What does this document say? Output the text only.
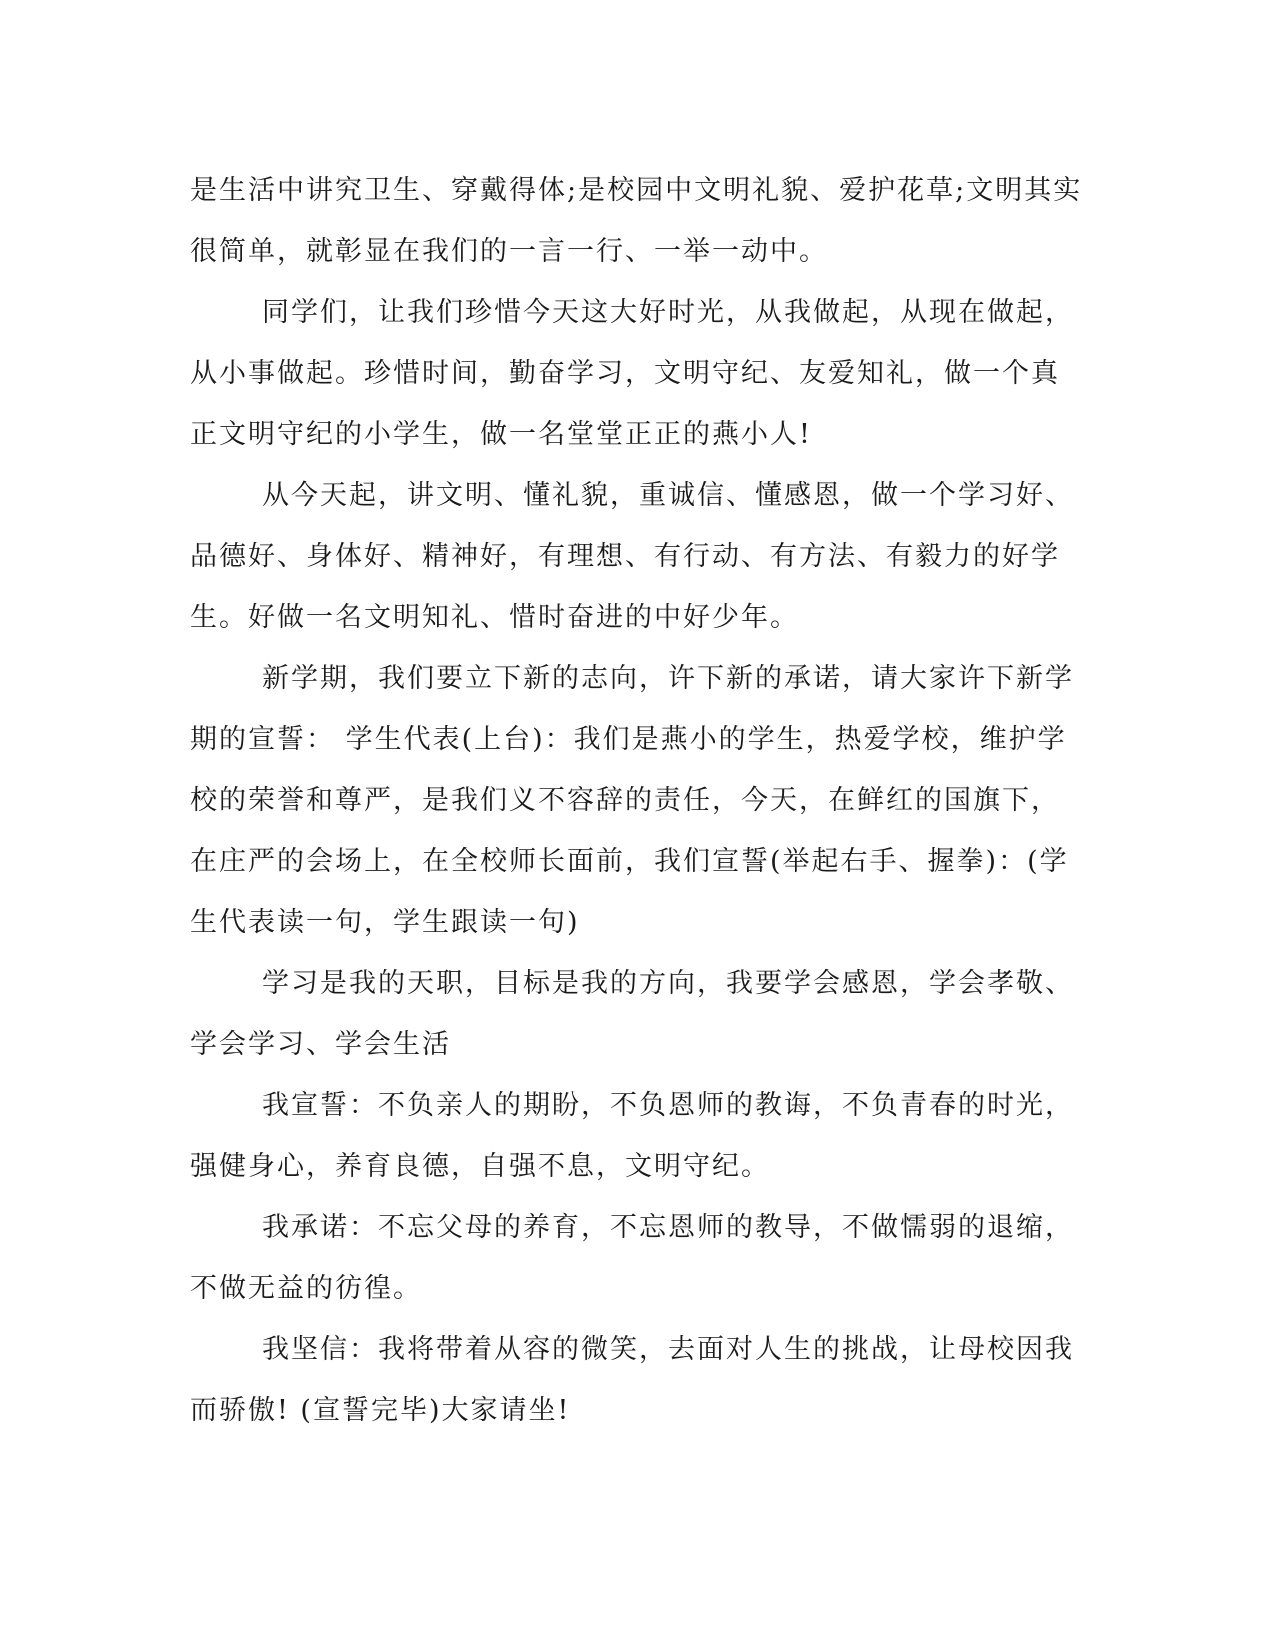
是生活中讲究卫生、穿戴得体;是校园中文明礼貌、爱护花草;文明其实
很简单，就彰显在我们的一言一行、一举一动中。
同学们，让我们珍惜今天这大好时光，从我做起，从现在做起，
从小事做起。珍惜时间，勤奋学习，文明守纪、友爱知礼，做一个真
正文明守纪的小学生，做一名堂堂正正的燕小人!
从今天起，讲文明、懂礼貌，重诚信、懂感恩，做一个学习好、
品德好、身体好、精神好，有理想、有行动、有方法、有毅力的好学
生。好做一名文明知礼、惜时奋进的中好少年。
新学期，我们要立下新的志向，许下新的承诺，请大家许下新学
期的宣誓： 学生代表(上台)：我们是燕小的学生，热爱学校，维护学
校的荣誉和尊严，是我们义不容辞的责任，今天，在鲜红的国旗下，
在庄严的会场上，在全校师长面前，我们宣誓(举起右手、握拳)：(学
生代表读一句，学生跟读一句)
学习是我的天职，目标是我的方向，我要学会感恩，学会孝敬、
学会学习、学会生活
我宣誓：不负亲人的期盼，不负恩师的教诲，不负青春的时光，
强健身心，养育良德，自强不息，文明守纪。
我承诺：不忘父母的养育，不忘恩师的教导，不做懦弱的退缩，
不做无益的彷徨。
我坚信：我将带着从容的微笑，去面对人生的挑战，让母校因我
而骄傲! (宣誓完毕)大家请坐!
